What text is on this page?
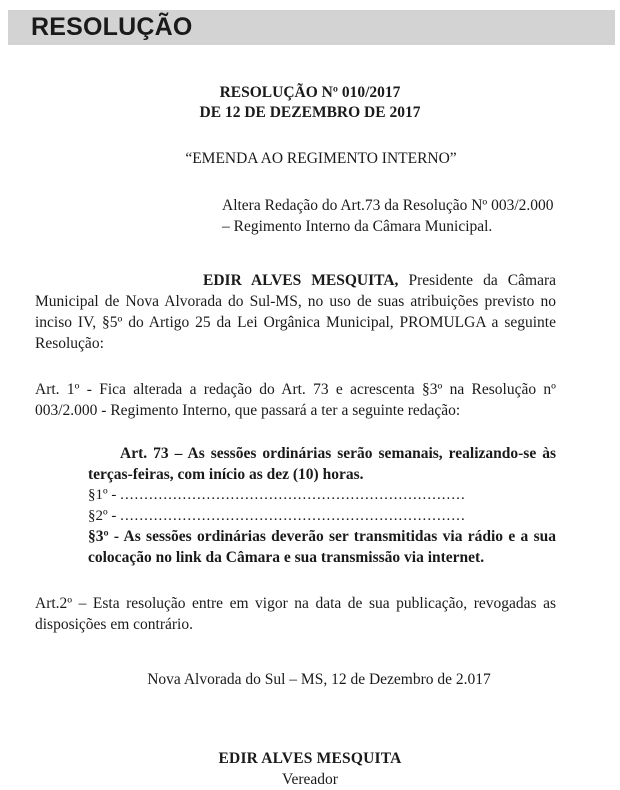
RESOLUÇÃO

RESOLUÇÃO Nº 010/2017
DE 12 DE DEZEMBRO DE 2017

“EMENDA AO REGIMENTO INTERNO”

Altera Redação do Art.73 da Resolução Nº 003/2.000 – Regimento Interno da Câmara Municipal.

EDIR ALVES MESQUITA, Presidente da Câmara Municipal de Nova Alvorada do Sul-MS, no uso de suas atribuições previsto no inciso IV, §5º do Artigo 25 da Lei Orgânica Municipal, PROMULGA a seguinte Resolução:

Art. 1º - Fica alterada a redação do Art. 73 e acrescenta §3º na Resolução nº 003/2.000 - Regimento Interno, que passará a ter a seguinte redação:

Art. 73 – As sessões ordinárias serão semanais, realizando-se às terças-feiras, com início as dez (10) horas.

§1º - ........................................................................

§2º - ........................................................................

§3º - As sessões ordinárias deverão ser transmitidas via rádio e a sua colocação no link da Câmara e sua transmissão via internet.

Art.2º – Esta resolução entre em vigor na data de sua publicação, revogadas as disposições em contrário.

Nova Alvorada do Sul – MS, 12 de Dezembro de 2.017

EDIR ALVES MESQUITA
Vereador
